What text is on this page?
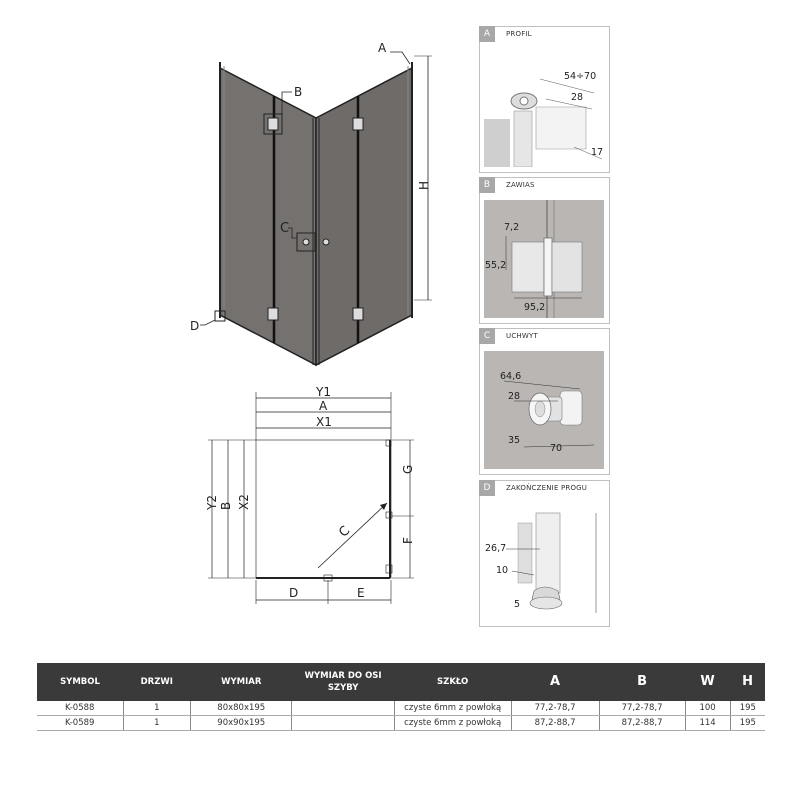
A
B
C
D
H
Y1
A
X1
Y2 B X2
G
F
C
D	E
A	PROFIL
54÷70
28
17
B	ZAWIAS
7,2
55,2
95,2
C	UCHWYT
64,6
28
35
70
D	ZAKOŃCZENIE PROGU
26,7
10
5
SYMBOL	DRZWI	WYMIAR	WYMIAR DO OSI SZYBY	SZKŁO	A	B	W	H
K-0588	1	80x80x195		czyste 6mm z powłoką	77,2-78,7	77,2-78,7	100	195
K-0589	1	90x90x195		czyste 6mm z powłoką	87,2-88,7	87,2-88,7	114	195
